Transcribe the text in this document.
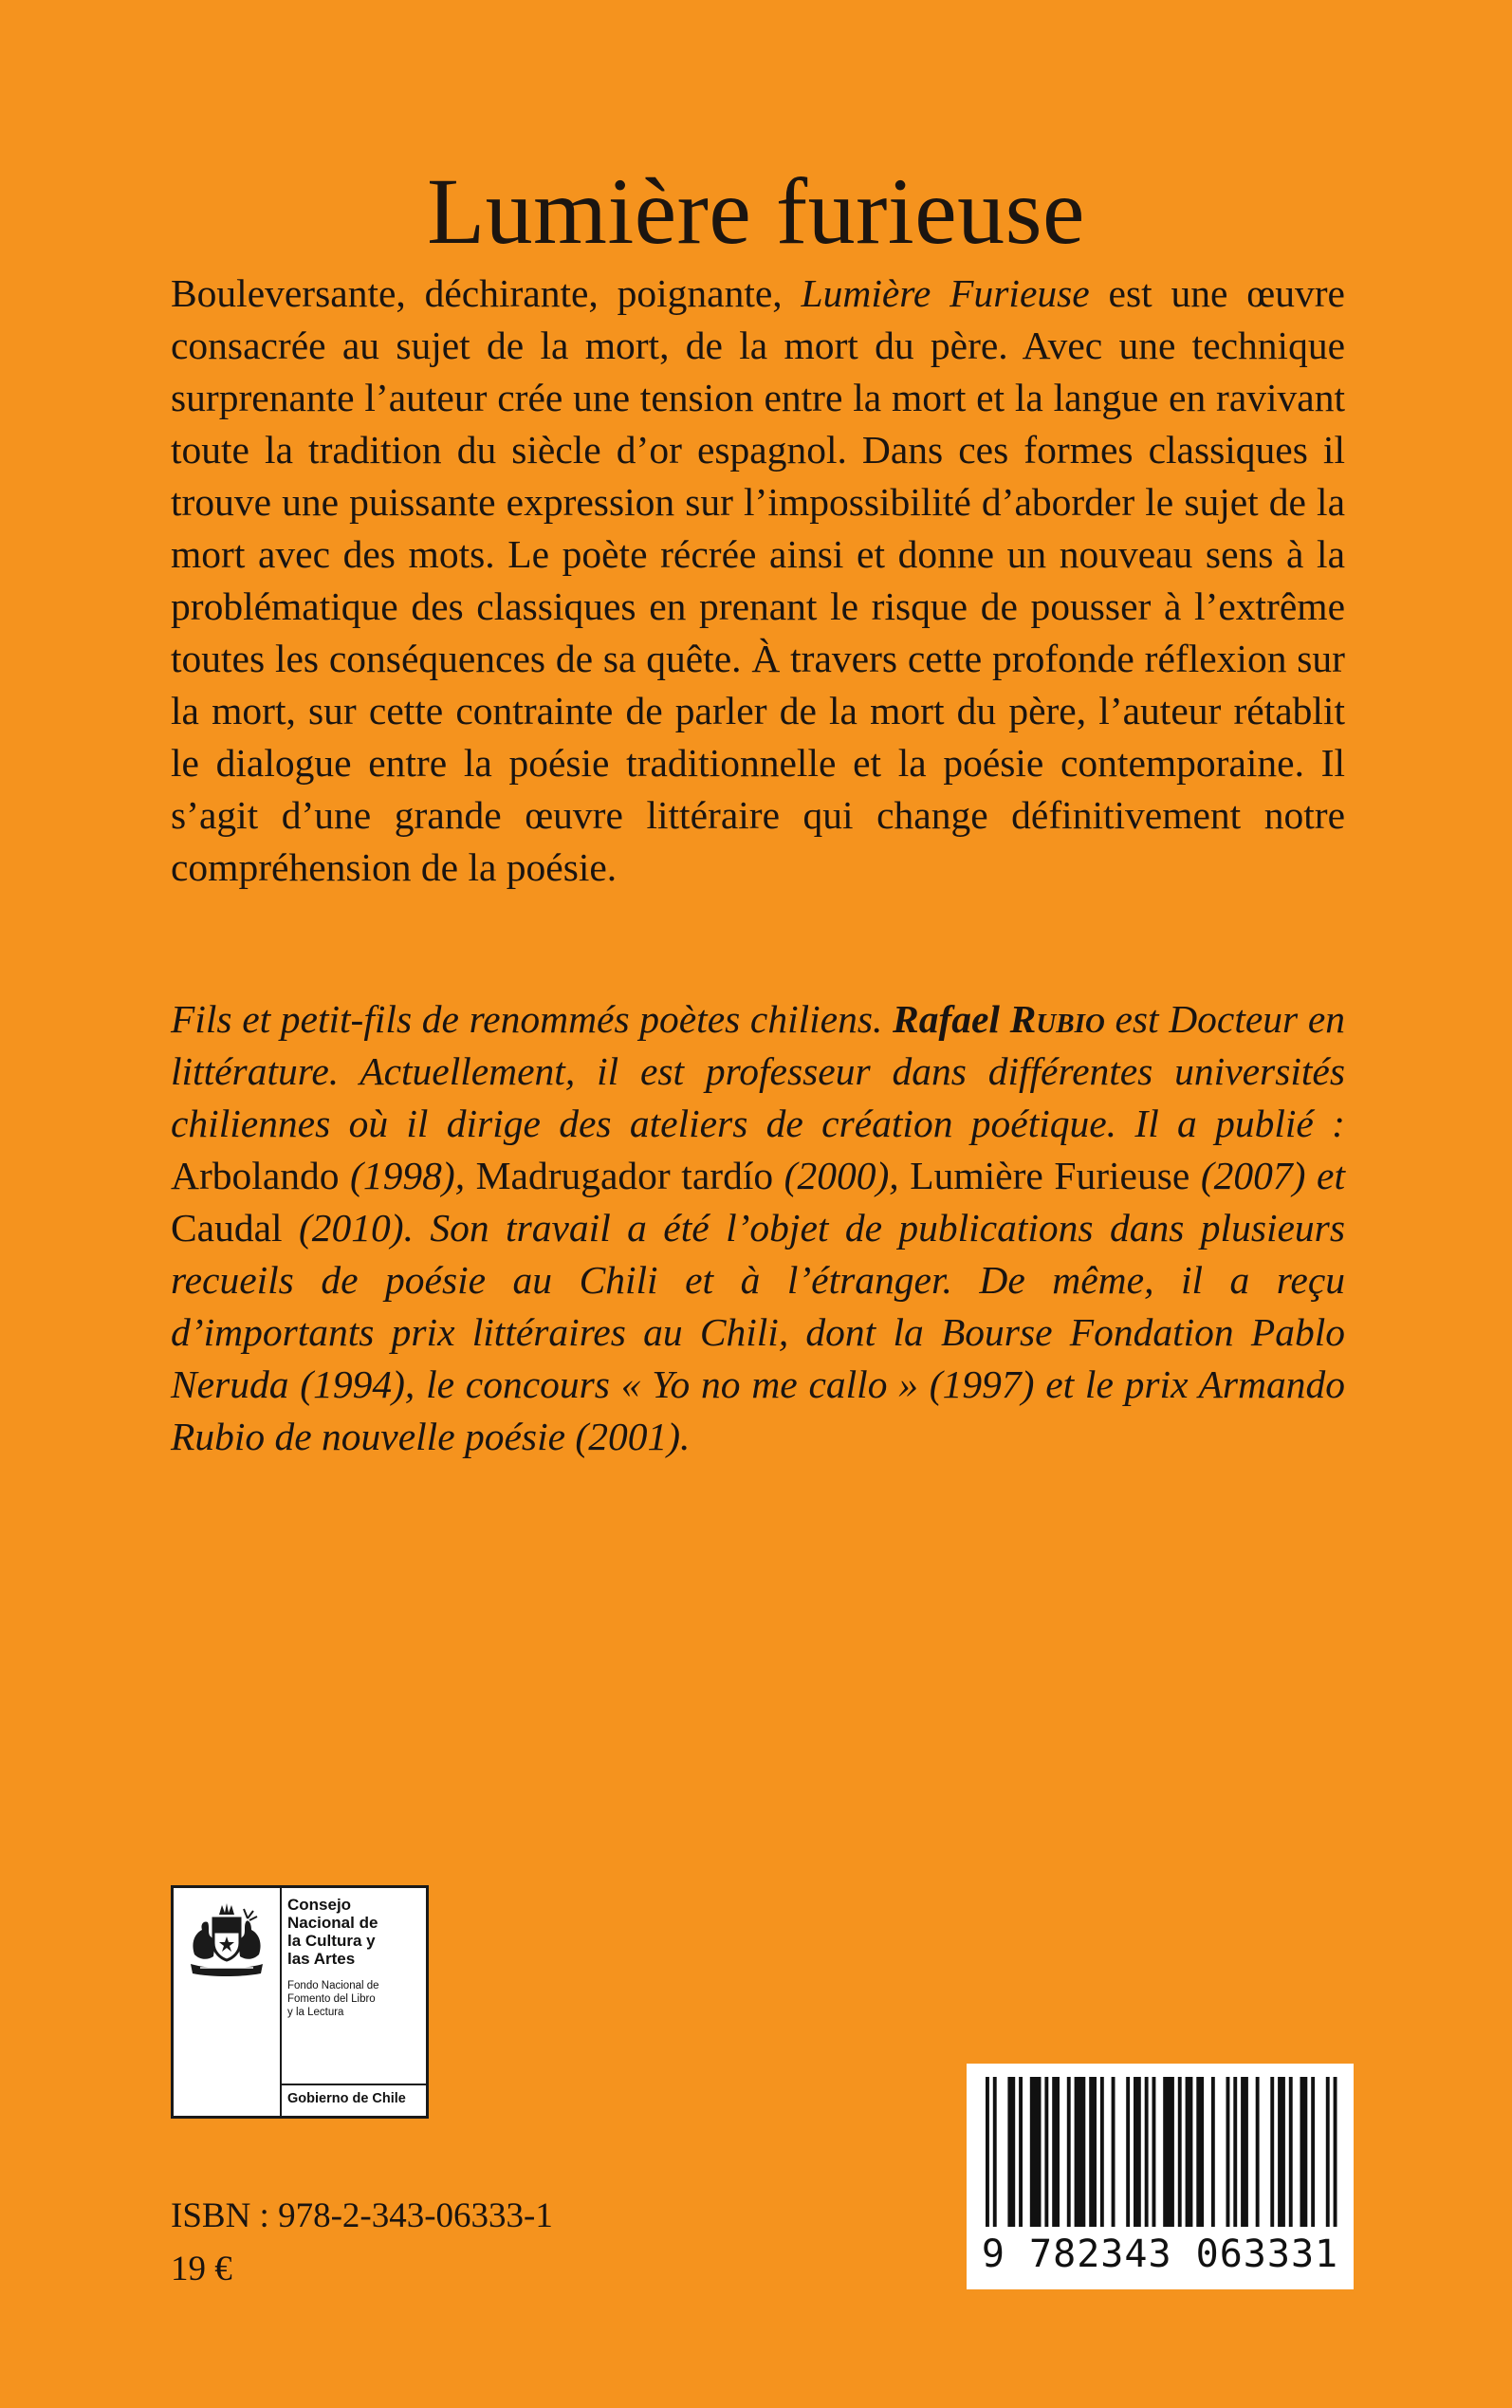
Lumière furieuse
Bouleversante, déchirante, poignante, Lumière Furieuse est une œuvre consacrée au sujet de la mort, de la mort du père. Avec une technique surprenante l’auteur crée une tension entre la mort et la langue en ravivant toute la tradition du siècle d’or espagnol. Dans ces formes classiques il trouve une puissante expression sur l’impossibilité d’aborder le sujet de la mort avec des mots. Le poète récrée ainsi et donne un nouveau sens à la problématique des classiques en prenant le risque de pousser à l’extrême toutes les conséquences de sa quête. À travers cette profonde réflexion sur la mort, sur cette contrainte de parler de la mort du père, l’auteur rétablit le dialogue entre la poésie traditionnelle et la poésie contemporaine. Il s’agit d’une grande œuvre littéraire qui change définitivement notre compréhension de la poésie.
Fils et petit-fils de renommés poètes chiliens. Rafael Rubio est Docteur en littérature. Actuellement, il est professeur dans différentes universités chiliennes où il dirige des ateliers de création poétique. Il a publié : Arbolando (1998), Madrugador tardío (2000), Lumière Furieuse (2007) et Caudal (2010). Son travail a été l’objet de publications dans plusieurs recueils de poésie au Chili et à l’étranger. De même, il a reçu d’importants prix littéraires au Chili, dont la Bourse Fondation Pablo Neruda (1994), le concours « Yo no me callo » (1997) et le prix Armando Rubio de nouvelle poésie (2001).
Consejo
Nacional de
la Cultura y
las Artes
Fondo Nacional de
Fomento del Libro
y la Lectura
Gobierno de Chile
ISBN : 978-2-343-06333-1
19 €	9 782343 063331
